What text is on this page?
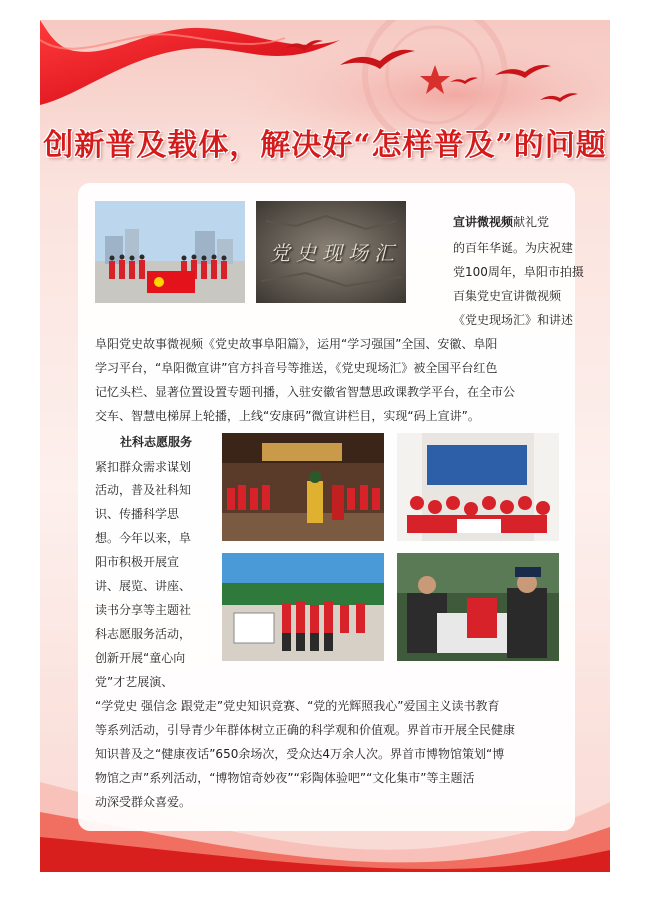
创新普及载体，解决好“怎样普及”的问题
党史现场汇
宣讲微视频献礼党
的百年华诞。为庆祝建
党100周年，阜阳市拍摄
百集党史宣讲微视频
《党史现场汇》和讲述
阜阳党史故事微视频《党史故事阜阳篇》，运用“学习强国”全国、安徽、阜阳
学习平台，“阜阳微宣讲”官方抖音号等推送，《党史现场汇》被全国平台红色
记忆头栏、显著位置设置专题刊播，入驻安徽省智慧思政课教学平台，在全市公
交车、智慧电梯屏上轮播，上线“安康码”微宣讲栏目，实现“码上宣讲”。
社科志愿服务
紧扣群众需求谋划
活动，普及社科知
识、传播科学思
想。今年以来，阜
阳市积极开展宣
讲、展览、讲座、
读书分享等主题社
科志愿服务活动，
创新开展“童心向
党”才艺展演、
“学党史 强信念 跟党走”党史知识竞赛、“党的光辉照我心”爱国主义读书教育
等系列活动，引导青少年群体树立正确的科学观和价值观。界首市开展全民健康
知识普及之“健康夜话”650余场次，受众达4万余人次。界首市博物馆策划“博
物馆之声”系列活动，“博物馆奇妙夜”“彩陶体验吧”“文化集市”等主题活
动深受群众喜爱。
